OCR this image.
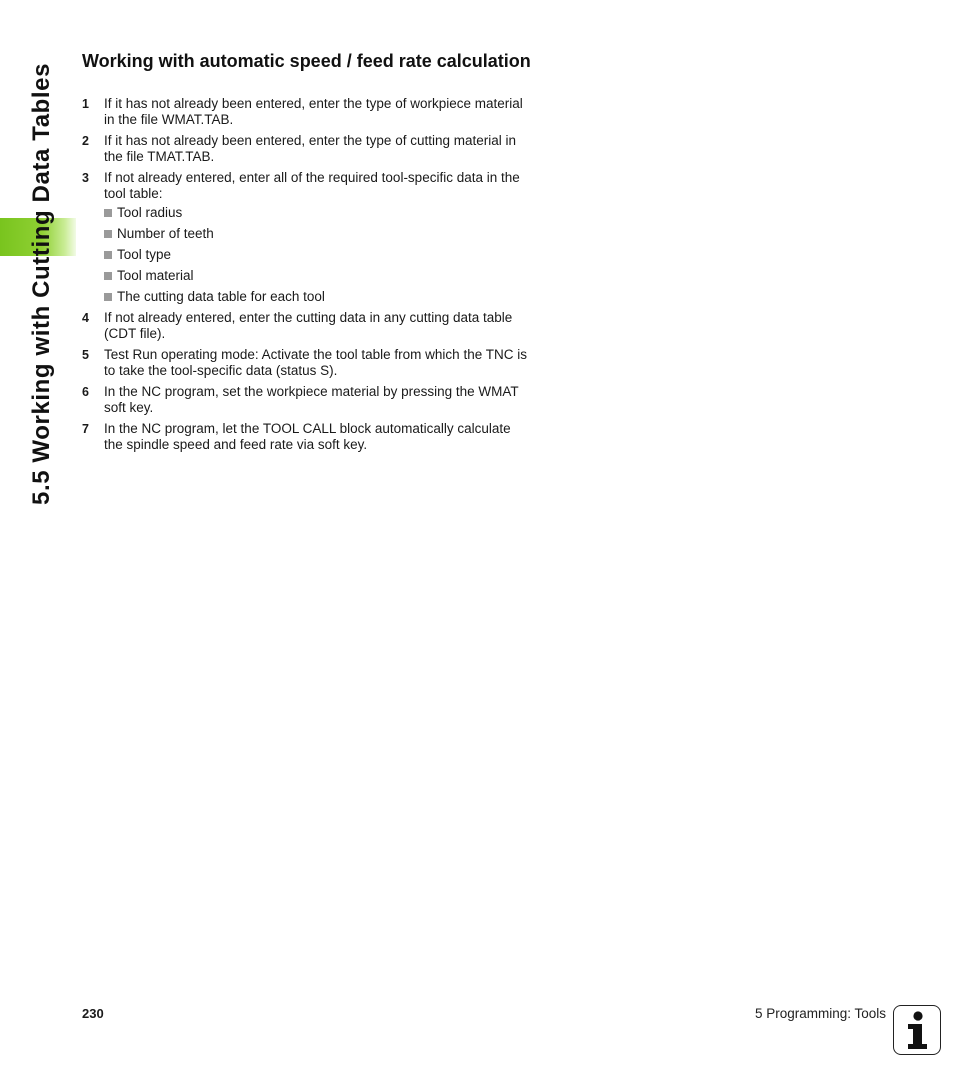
5.5 Working with Cutting Data Tables
Working with automatic speed / feed rate calculation
1 If it has not already been entered, enter the type of workpiece material in the file WMAT.TAB.
2 If it has not already been entered, enter the type of cutting material in the file TMAT.TAB.
3 If not already entered, enter all of the required tool-specific data in the tool table:
Tool radius
Number of teeth
Tool type
Tool material
The cutting data table for each tool
4 If not already entered, enter the cutting data in any cutting data table (CDT file).
5 Test Run operating mode: Activate the tool table from which the TNC is to take the tool-specific data (status S).
6 In the NC program, set the workpiece material by pressing the WMAT soft key.
7 In the NC program, let the TOOL CALL block automatically calculate the spindle speed and feed rate via soft key.
230	5 Programming: Tools
